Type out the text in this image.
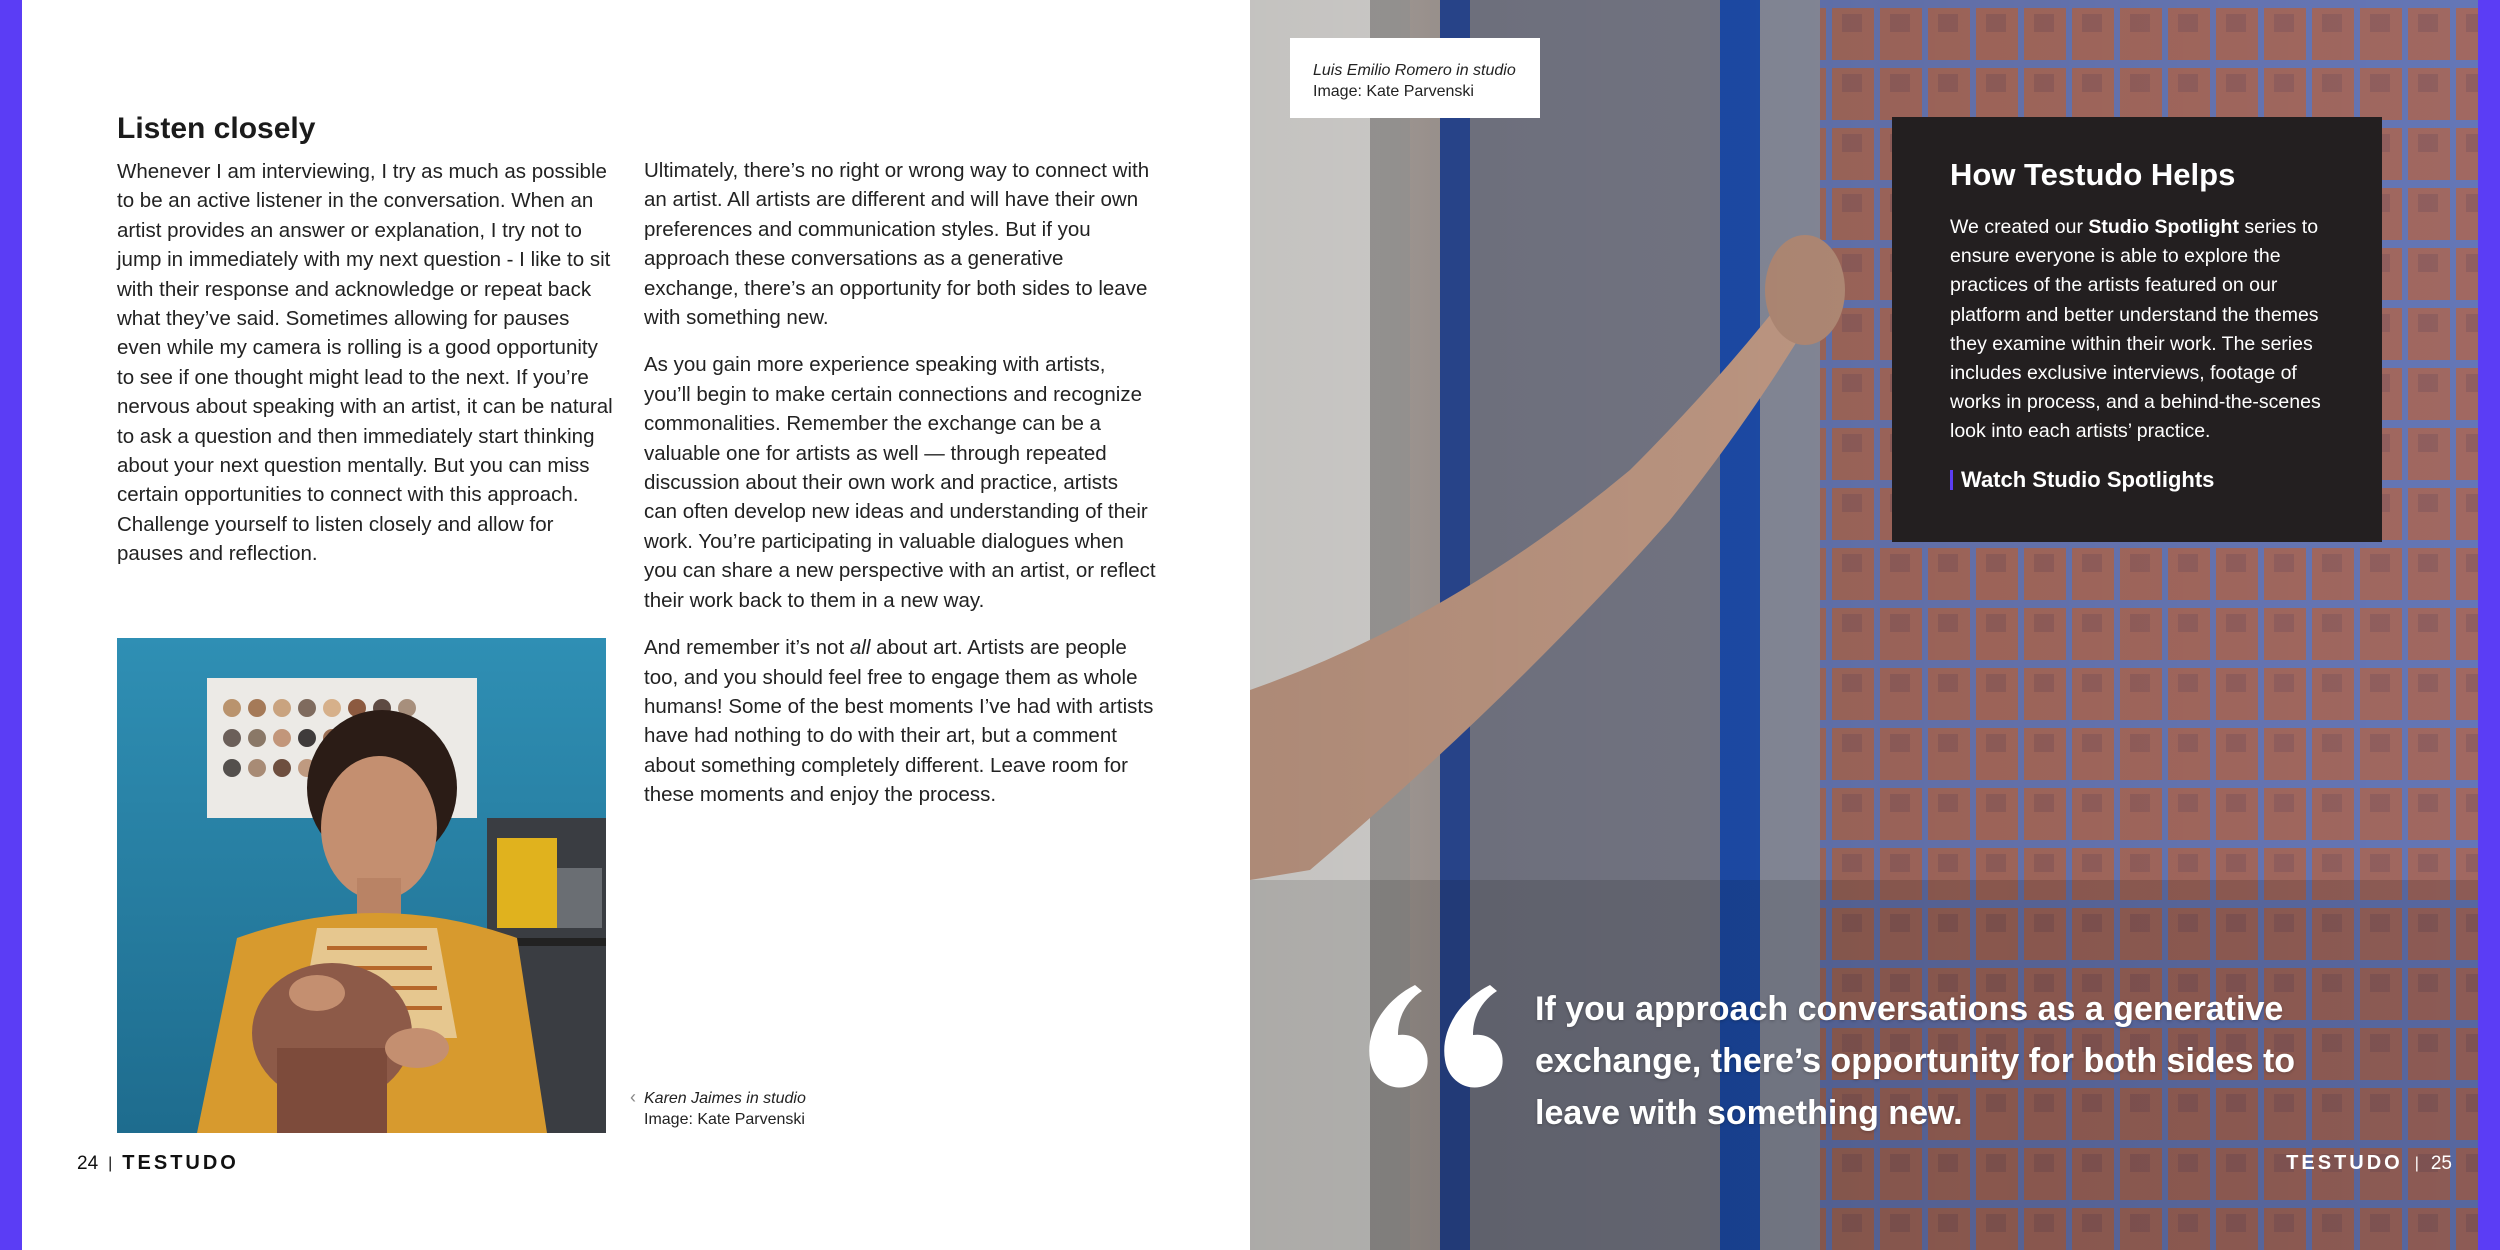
Listen closely

Whenever I am interviewing, I try as much as possible to be an active listener in the conversation. When an artist provides an answer or explanation, I try not to jump in immediately with my next question - I like to sit with their response and acknowledge or repeat back what they’ve said. Sometimes allowing for pauses even while my camera is rolling is a good opportunity to see if one thought might lead to the next. If you’re nervous about speaking with an artist, it can be natural to ask a question and then immediately start thinking about your next question mentally. But you can miss certain opportunities to connect with this approach. Challenge yourself to listen closely and allow for pauses and reflection.

Ultimately, there’s no right or wrong way to connect with an artist. All artists are different and will have their own preferences and communication styles. But if you approach these conversations as a generative exchange, there’s an opportunity for both sides to leave with something new.

As you gain more experience speaking with artists, you’ll begin to make certain connections and recognize commonalities. Remember the exchange can be a valuable one for artists as well — through repeated discussion about their own work and practice, artists can often develop new ideas and understanding of their work. You’re participating in valuable dialogues when you can share a new perspective with an artist, or reflect their work back to them in a new way.

And remember it’s not all about art. Artists are people too, and you should feel free to engage them as whole humans! Some of the best moments I’ve had with artists have had nothing to do with their art, but a comment about something completely different. Leave room for these moments and enjoy the process.

‹ Karen Jaimes in studio
Image: Kate Parvenski
24 | TESTUDO
Luis Emilio Romero in studio
Image: Kate Parvenski
How Testudo Helps
We created our Studio Spotlight series to ensure everyone is able to explore the practices of the artists featured on our platform and better understand the themes they examine within their work. The series includes exclusive interviews, footage of works in process, and a behind-the-scenes look into each artists’ practice.
Watch Studio Spotlights
If you approach conversations as a generative exchange, there’s opportunity for both sides to leave with something new.
TESTUDO | 25
